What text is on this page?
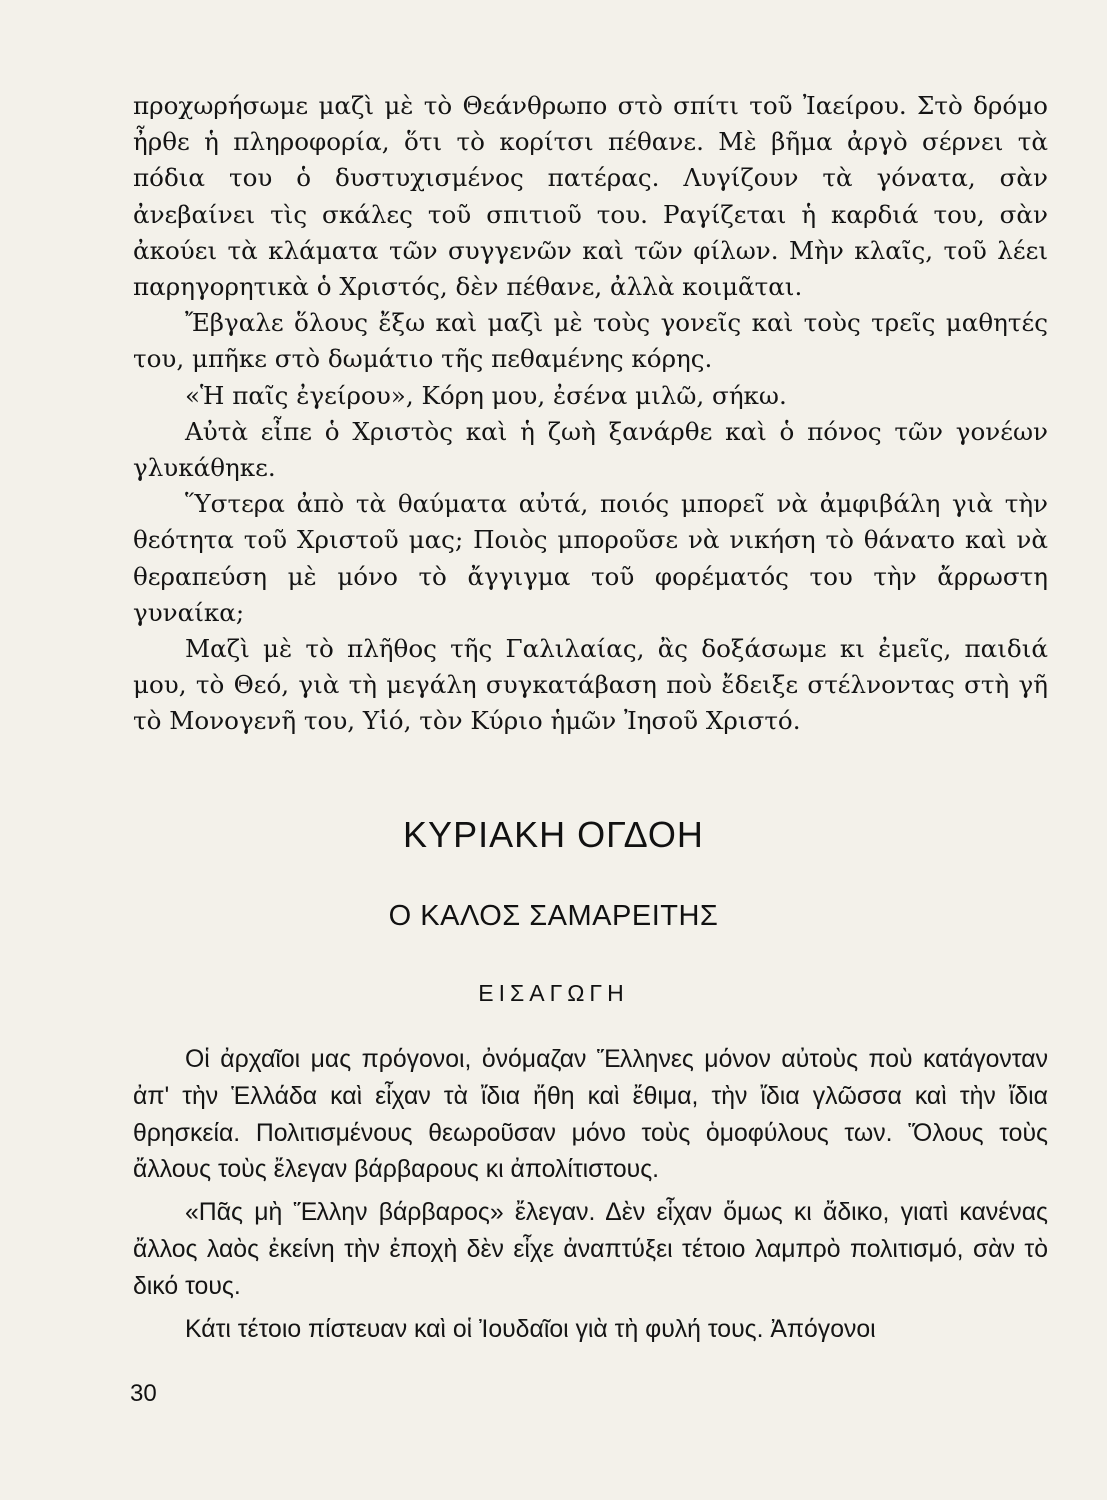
προχωρήσωμε μαζὶ μὲ τὸ Θεάνθρωπο στὸ σπίτι τοῦ Ἰαείρου. Στὸ δρόμο ἦρθε ἡ πληροφορία, ὅτι τὸ κορίτσι πέθανε. Μὲ βῆμα ἀργὸ σέρνει τὰ πόδια του ὁ δυστυχισμένος πατέρας. Λυγίζουν τὰ γόνατα, σὰν ἀνεβαίνει τὶς σκάλες τοῦ σπιτιοῦ του. Ραγίζεται ἡ καρδιά του, σὰν ἀκούει τὰ κλάματα τῶν συγγενῶν καὶ τῶν φίλων. Μὴν κλαῖς, τοῦ λέει παρηγορητικὰ ὁ Χριστός, δὲν πέθανε, ἀλλὰ κοιμᾶται.

Ἔβγαλε ὅλους ἔξω καὶ μαζὶ μὲ τοὺς γονεῖς καὶ τοὺς τρεῖς μαθητές του, μπῆκε στὸ δωμάτιο τῆς πεθαμένης κόρης.

«Ἡ παῖς ἐγείρου», Κόρη μου, ἐσένα μιλῶ, σήκω.

Αὐτὰ εἶπε ὁ Χριστὸς καὶ ἡ ζωὴ ξανάρθε καὶ ὁ πόνος τῶν γονέων γλυκάθηκε.

Ὕστερα ἀπὸ τὰ θαύματα αὐτά, ποιός μπορεῖ νὰ ἀμφιβάλη γιὰ τὴν θεότητα τοῦ Χριστοῦ μας; Ποιὸς μποροῦσε νὰ νικήση τὸ θάνατο καὶ νὰ θεραπεύση μὲ μόνο τὸ ἄγγιγμα τοῦ φορέματός του τὴν ἄρρωστη γυναίκα;

Μαζὶ μὲ τὸ πλῆθος τῆς Γαλιλαίας, ἂς δοξάσωμε κι ἐμεῖς, παιδιά μου, τὸ Θεό, γιὰ τὴ μεγάλη συγκατάβαση ποὺ ἔδειξε στέλνοντας στὴ γῆ τὸ Μονογενῆ του, Υἱό, τὸν Κύριο ἡμῶν Ἰησοῦ Χριστό.

ΚΥΡΙΑΚΗ ΟΓΔΟΗ
Ο ΚΑΛΟΣ ΣΑΜΑΡΕΙΤΗΣ
ΕΙΣΑΓΩΓΗ

Οἱ ἀρχαῖοι μας πρόγονοι, ὀνόμαζαν Ἕλληνες μόνον αὐτοὺς ποὺ κατάγονταν ἀπ' τὴν Ἑλλάδα καὶ εἶχαν τὰ ἴδια ἤθη καὶ ἔθιμα, τὴν ἴδια γλῶσσα καὶ τὴν ἴδια θρησκεία. Πολιτισμένους θεωροῦσαν μόνο τοὺς ὁμοφύλους των. Ὅλους τοὺς ἄλλους τοὺς ἔλεγαν βάρβαρους κι ἀπολίτιστους.

«Πᾶς μὴ Ἕλλην βάρβαρος» ἔλεγαν. Δὲν εἶχαν ὅμως κι ἄδικο, γιατὶ κανένας ἄλλος λαὸς ἐκείνη τὴν ἐποχὴ δὲν εἶχε ἀναπτύξει τέτοιο λαμπρὸ πολιτισμό, σὰν τὸ δικό τους.

Κάτι τέτοιο πίστευαν καὶ οἱ Ἰουδαῖοι γιὰ τὴ φυλή τους. Ἀπόγονοι

30
